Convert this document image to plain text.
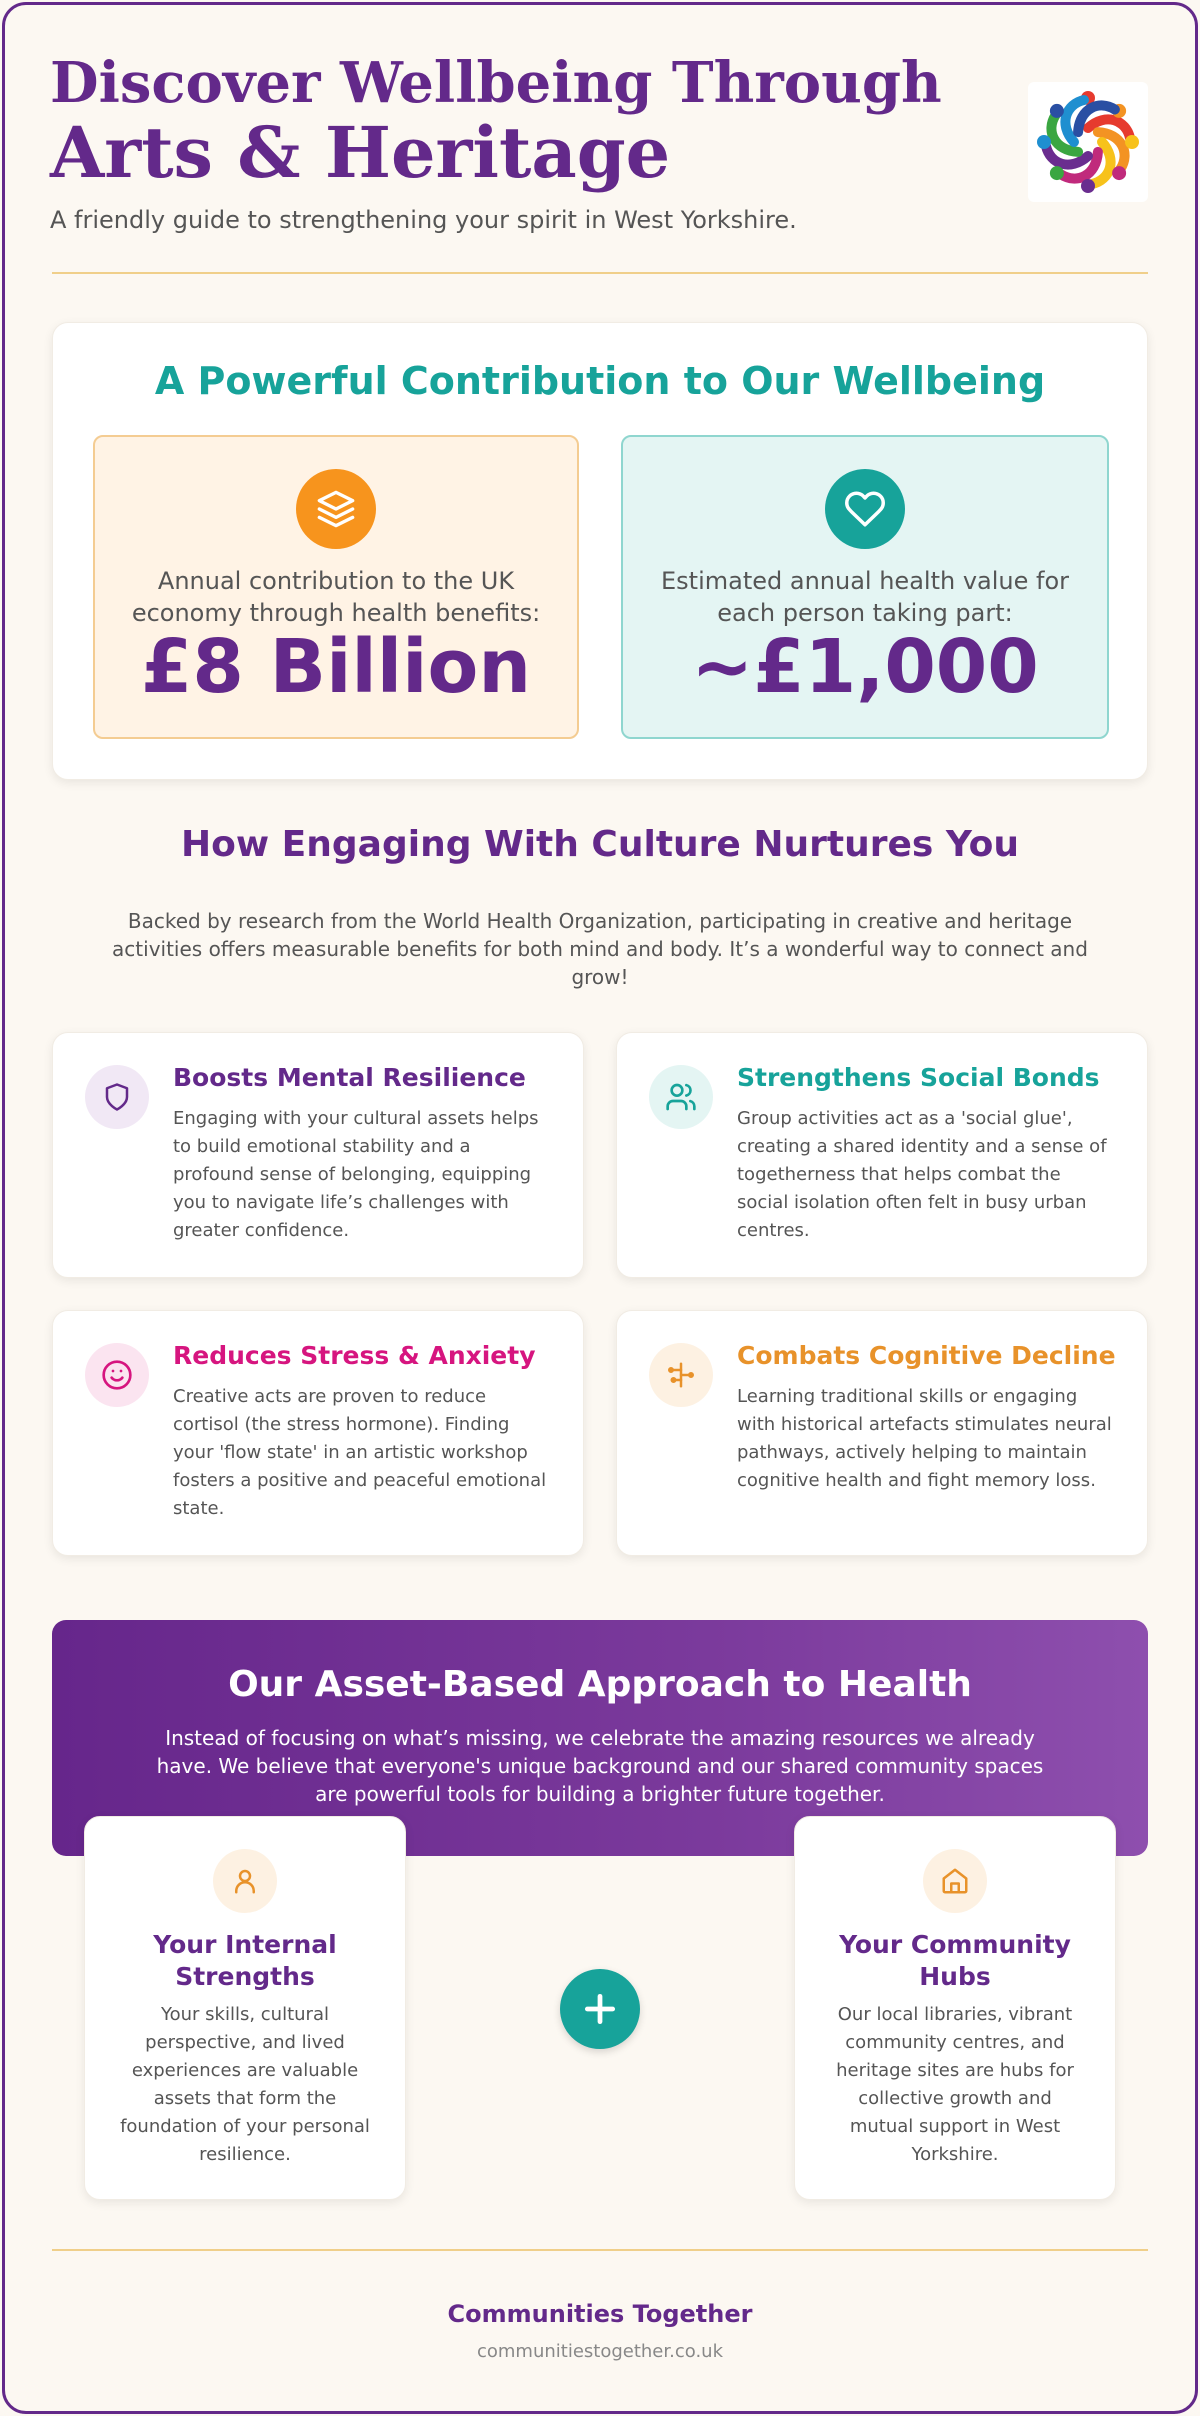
Discover Wellbeing Through
Arts & Heritage
A friendly guide to strengthening your spirit in West Yorkshire.
A Powerful Contribution to Our Wellbeing
Annual contribution to the UK economy through health benefits:
£8 Billion
Estimated annual health value for each person taking part:
~£1,000
How Engaging With Culture Nurtures You
Backed by research from the World Health Organization, participating in creative and heritage activities offers measurable benefits for both mind and body. It’s a wonderful way to connect and grow!
Boosts Mental Resilience
Engaging with your cultural assets helps to build emotional stability and a profound sense of belonging, equipping you to navigate life’s challenges with greater confidence.
Strengthens Social Bonds
Group activities act as a 'social glue', creating a shared identity and a sense of togetherness that helps combat the social isolation often felt in busy urban centres.
Reduces Stress & Anxiety
Creative acts are proven to reduce cortisol (the stress hormone). Finding your 'flow state' in an artistic workshop fosters a positive and peaceful emotional state.
Combats Cognitive Decline
Learning traditional skills or engaging with historical artefacts stimulates neural pathways, actively helping to maintain cognitive health and fight memory loss.
Our Asset-Based Approach to Health
Instead of focusing on what’s missing, we celebrate the amazing resources we already have. We believe that everyone's unique background and our shared community spaces are powerful tools for building a brighter future together.
Your Internal Strengths
Your skills, cultural perspective, and lived experiences are valuable assets that form the foundation of your personal resilience.
Your Community Hubs
Our local libraries, vibrant community centres, and heritage sites are hubs for collective growth and mutual support in West Yorkshire.
Communities Together
communitiestogether.co.uk
